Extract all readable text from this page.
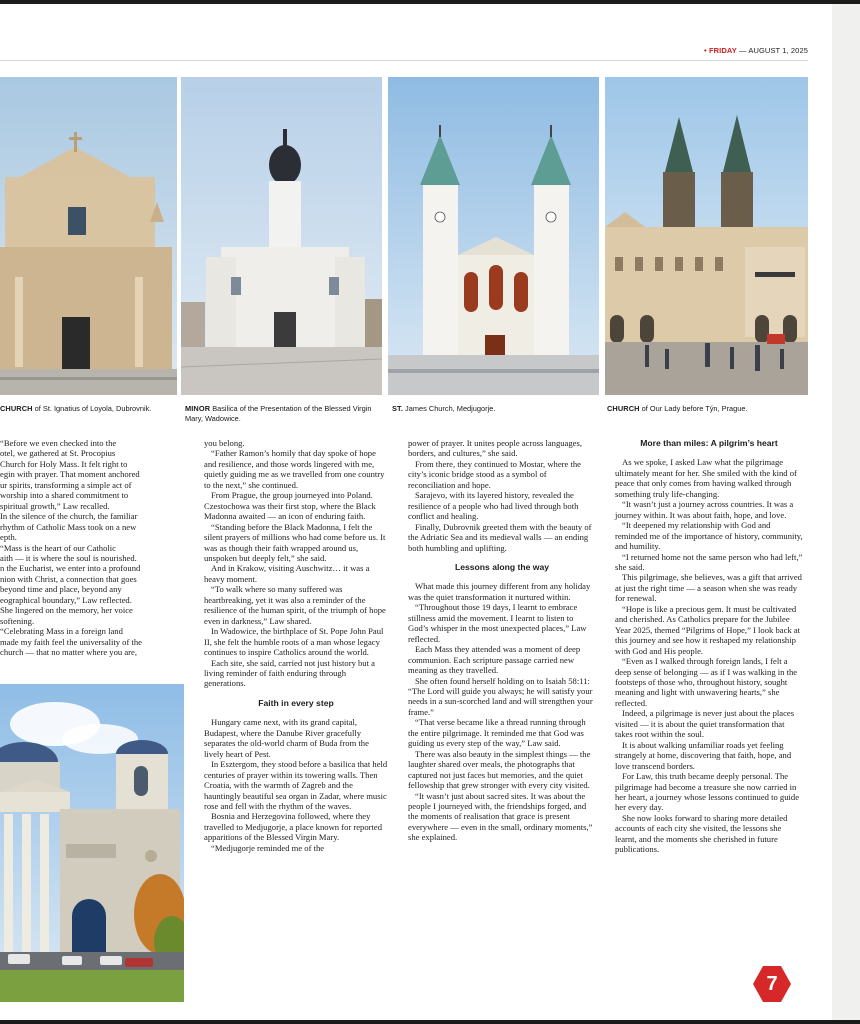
• FRIDAY — AUGUST 1, 2025
CHURCH of St. Ignatius of Loyola, Dubrovnik.	MINOR Basilica of the Presentation of the Blessed Virgin Mary, Wadowice.
ST. James Church, Medjugorje.	CHURCH of Our Lady before Týn, Prague.
“Before we even checked into the
otel, we gathered at St. Procopius
Church for Holy Mass. It felt right to
egin with prayer. That moment anchored
ur spirits, transforming a simple act of
worship into a shared commitment to
spiritual growth,” Law recalled.
In the silence of the church, the familiar
rhythm of Catholic Mass took on a new
epth.
“Mass is the heart of our Catholic
aith — it is where the soul is nourished.
n the Eucharist, we enter into a profound
nion with Christ, a connection that goes
beyond time and place, beyond any
eographical boundary,” Law reflected.
She lingered on the memory, her voice
softening.
“Celebrating Mass in a foreign land
made my faith feel the universality of the
church — that no matter where you are,

you belong.

“Father Ramon’s homily that day spoke of hope and resilience, and those words lingered with me, quietly guiding me as we travelled from one country to the next,” she continued.

From Prague, the group journeyed into Poland. Czestochowa was their first stop, where the Black Madonna awaited — an icon of enduring faith.

“Standing before the Black Madonna, I felt the silent prayers of millions who had come before us. It was as though their faith wrapped around us, unspoken but deeply felt,” she said.

And in Krakow, visiting Auschwitz… it was a heavy moment.

“To walk where so many suffered was heartbreaking, yet it was also a reminder of the resilience of the human spirit, of the triumph of hope even in darkness,” Law shared.

In Wadowice, the birthplace of St. Pope John Paul II, she felt the humble roots of a man whose legacy continues to inspire Catholics around the world.

Each site, she said, carried not just history but a living reminder of faith enduring through generations.

Faith in every step

Hungary came next, with its grand capital, Budapest, where the Danube River gracefully separates the old-world charm of Buda from the lively heart of Pest.

In Esztergom, they stood before a basilica that held centuries of prayer within its towering walls. Then Croatia, with the warmth of Zagreb and the hauntingly beautiful sea organ in Zadar, where music rose and fell with the rhythm of the waves.

Bosnia and Herzegovina followed, where they travelled to Medjugorje, a place known for reported apparitions of the Blessed Virgin Mary.

“Medjugorje reminded me of the

power of prayer. It unites people across languages, borders, and cultures,” she said.

From there, they continued to Mostar, where the city’s iconic bridge stood as a symbol of reconciliation and hope.

Sarajevo, with its layered history, revealed the resilience of a people who had lived through both conflict and healing.

Finally, Dubrovnik greeted them with the beauty of the Adriatic Sea and its medieval walls — an ending both humbling and uplifting.

Lessons along the way

What made this journey different from any holiday was the quiet transformation it nurtured within.

“Throughout those 19 days, I learnt to embrace stillness amid the movement. I learnt to listen to God’s whisper in the most unexpected places,” Law reflected.

Each Mass they attended was a moment of deep communion. Each scripture passage carried new meaning as they travelled.

She often found herself holding on to Isaiah 58:11: “The Lord will guide you always; he will satisfy your needs in a sun-scorched land and will strengthen your frame.”

“That verse became like a thread running through the entire pilgrimage. It reminded me that God was guiding us every step of the way,” Law said.

There was also beauty in the simplest things — the laughter shared over meals, the photographs that captured not just faces but memories, and the quiet fellowship that grew stronger with every city visited.

“It wasn’t just about sacred sites. It was about the people I journeyed with, the friendships forged, and the moments of realisation that grace is present everywhere — even in the small, ordinary moments,” she explained.

More than miles: A pilgrim’s heart

As we spoke, I asked Law what the pilgrimage ultimately meant for her. She smiled with the kind of peace that only comes from having walked through something truly life-changing.

“It wasn’t just a journey across countries. It was a journey within. It was about faith, hope, and love.

“It deepened my relationship with God and reminded me of the importance of history, community, and humility.

“I returned home not the same person who had left,” she said.

This pilgrimage, she believes, was a gift that arrived at just the right time — a season when she was ready for renewal.

“Hope is like a precious gem. It must be cultivated and cherished. As Catholics prepare for the Jubilee Year 2025, themed “Pilgrims of Hope,” I look back at this journey and see how it reshaped my relationship with God and His people.

“Even as I walked through foreign lands, I felt a deep sense of belonging — as if I was walking in the footsteps of those who, throughout history, sought meaning and light with unwavering hearts,” she reflected.

Indeed, a pilgrimage is never just about the places visited — it is about the quiet transformation that takes root within the soul.

It is about walking unfamiliar roads yet feeling strangely at home, discovering that faith, hope, and love transcend borders.

For Law, this truth became deeply personal. The pilgrimage had become a treasure she now carried in her heart, a journey whose lessons continued to guide her every day.

She now looks forward to sharing more detailed accounts of each city she visited, the lessons she learnt, and the moments she cherished in future publications.

7
